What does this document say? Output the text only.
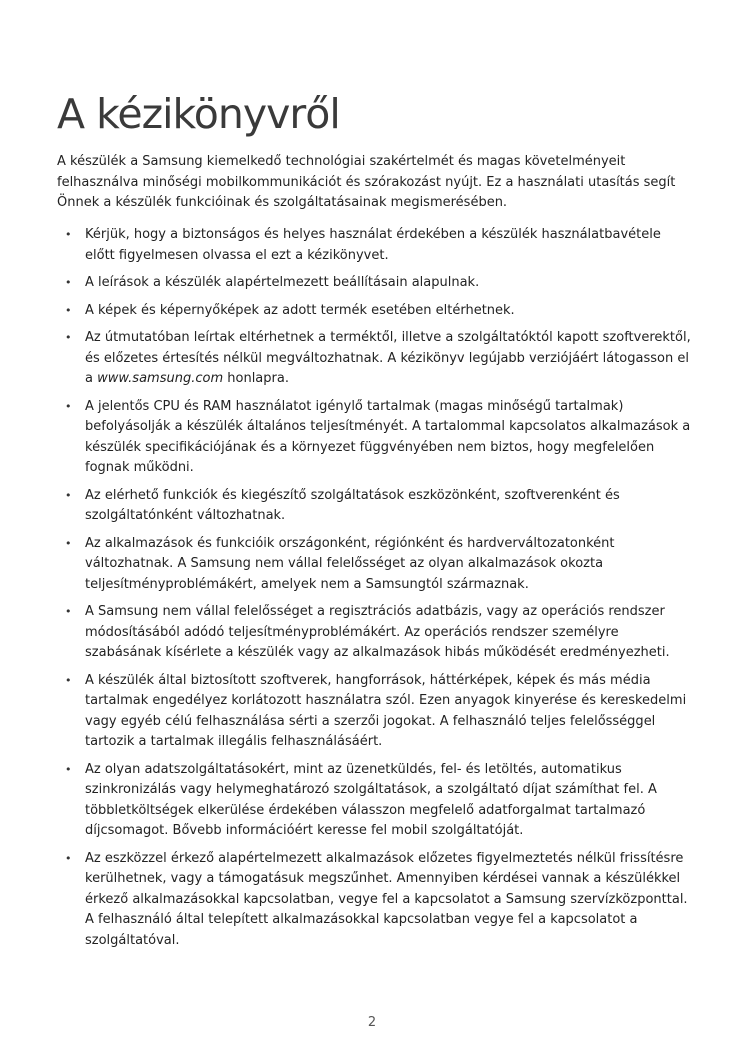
A kézikönyvről

A készülék a Samsung kiemelkedő technológiai szakértelmét és magas követelményeit felhasználva minőségi mobilkommunikációt és szórakozást nyújt. Ez a használati utasítás segít Önnek a készülék funkcióinak és szolgáltatásainak megismerésében.

• Kérjük, hogy a biztonságos és helyes használat érdekében a készülék használatbavétele előtt figyelmesen olvassa el ezt a kézikönyvet.
• A leírások a készülék alapértelmezett beállításain alapulnak.
• A képek és képernyőképek az adott termék esetében eltérhetnek.
• Az útmutatóban leírtak eltérhetnek a terméktől, illetve a szolgáltatóktól kapott szoftverektől, és előzetes értesítés nélkül megváltozhatnak. A kézikönyv legújabb verziójáért látogasson el a www.samsung.com honlapra.
• A jelentős CPU és RAM használatot igénylő tartalmak (magas minőségű tartalmak) befolyásolják a készülék általános teljesítményét. A tartalommal kapcsolatos alkalmazások a készülék specifikációjának és a környezet függvényében nem biztos, hogy megfelelően fognak működni.
• Az elérhető funkciók és kiegészítő szolgáltatások eszközönként, szoftverenként és szolgáltatónként változhatnak.
• Az alkalmazások és funkcióik országonként, régiónként és hardverváltozatonként változhatnak. A Samsung nem vállal felelősséget az olyan alkalmazások okozta teljesítményproblémákért, amelyek nem a Samsungtól származnak.
• A Samsung nem vállal felelősséget a regisztrációs adatbázis, vagy az operációs rendszer módosításából adódó teljesítményproblémákért. Az operációs rendszer személyre szabásának kísérlete a készülék vagy az alkalmazások hibás működését eredményezheti.
• A készülék által biztosított szoftverek, hangforrások, háttérképek, képek és más média tartalmak engedélyez korlátozott használatra szól. Ezen anyagok kinyerése és kereskedelmi vagy egyéb célú felhasználása sérti a szerzői jogokat. A felhasználó teljes felelősséggel tartozik a tartalmak illegális felhasználásáért.
• Az olyan adatszolgáltatásokért, mint az üzenetküldés, fel- és letöltés, automatikus szinkronizálás vagy helymeghatározó szolgáltatások, a szolgáltató díjat számíthat fel. A többletköltségek elkerülése érdekében válasszon megfelelő adatforgalmat tartalmazó díjcsomagot. Bővebb információért keresse fel mobil szolgáltatóját.
• Az eszközzel érkező alapértelmezett alkalmazások előzetes figyelmeztetés nélkül frissítésre kerülhetnek, vagy a támogatásuk megszűnhet. Amennyiben kérdései vannak a készülékkel érkező alkalmazásokkal kapcsolatban, vegye fel a kapcsolatot a Samsung szervízközponttal. A felhasználó által telepített alkalmazásokkal kapcsolatban vegye fel a kapcsolatot a szolgáltatóval.
2
